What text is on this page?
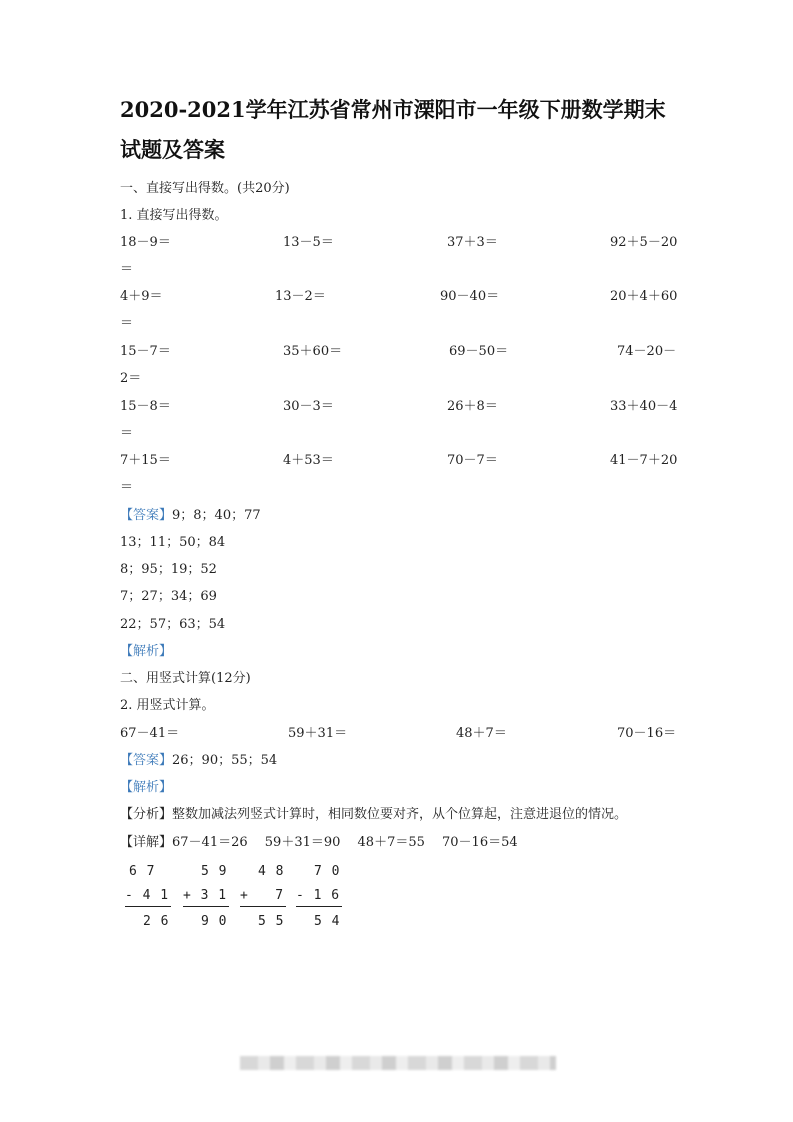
2020-2021学年江苏省常州市溧阳市一年级下册数学期末试题及答案
一、直接写出得数。(共20分)
1. 直接写出得数。
18－9＝	13－5＝	37＋3＝	92＋5－20
＝
4＋9＝	13－2＝	90－40＝	20＋4＋60
＝
15－7＝	35＋60＝	69－50＝	74－20－
2＝
15－8＝	30－3＝	26＋8＝	33＋40－4
＝
7＋15＝	4＋53＝	70－7＝	41－7＋20
＝
【答案】9；8；40；77
13；11；50；84
8；95；19；52
7；27；34；69
22；57；63；54
【解析】
二、用竖式计算(12分)
2. 用竖式计算。
67－41＝	59＋31＝	48＋7＝	70－16＝
【答案】26；90；55；54
【解析】
【分析】整数加减法列竖式计算时，相同数位要对齐，从个位算起，注意进退位的情况。
【详解】67－41＝26　 59＋31＝90　 48＋7＝55　 70－16＝54
6 7
- 4 1
2 6
5 9
+ 3 1
9 0
4 8
+   7
5 5
7 0
- 1 6
5 4
